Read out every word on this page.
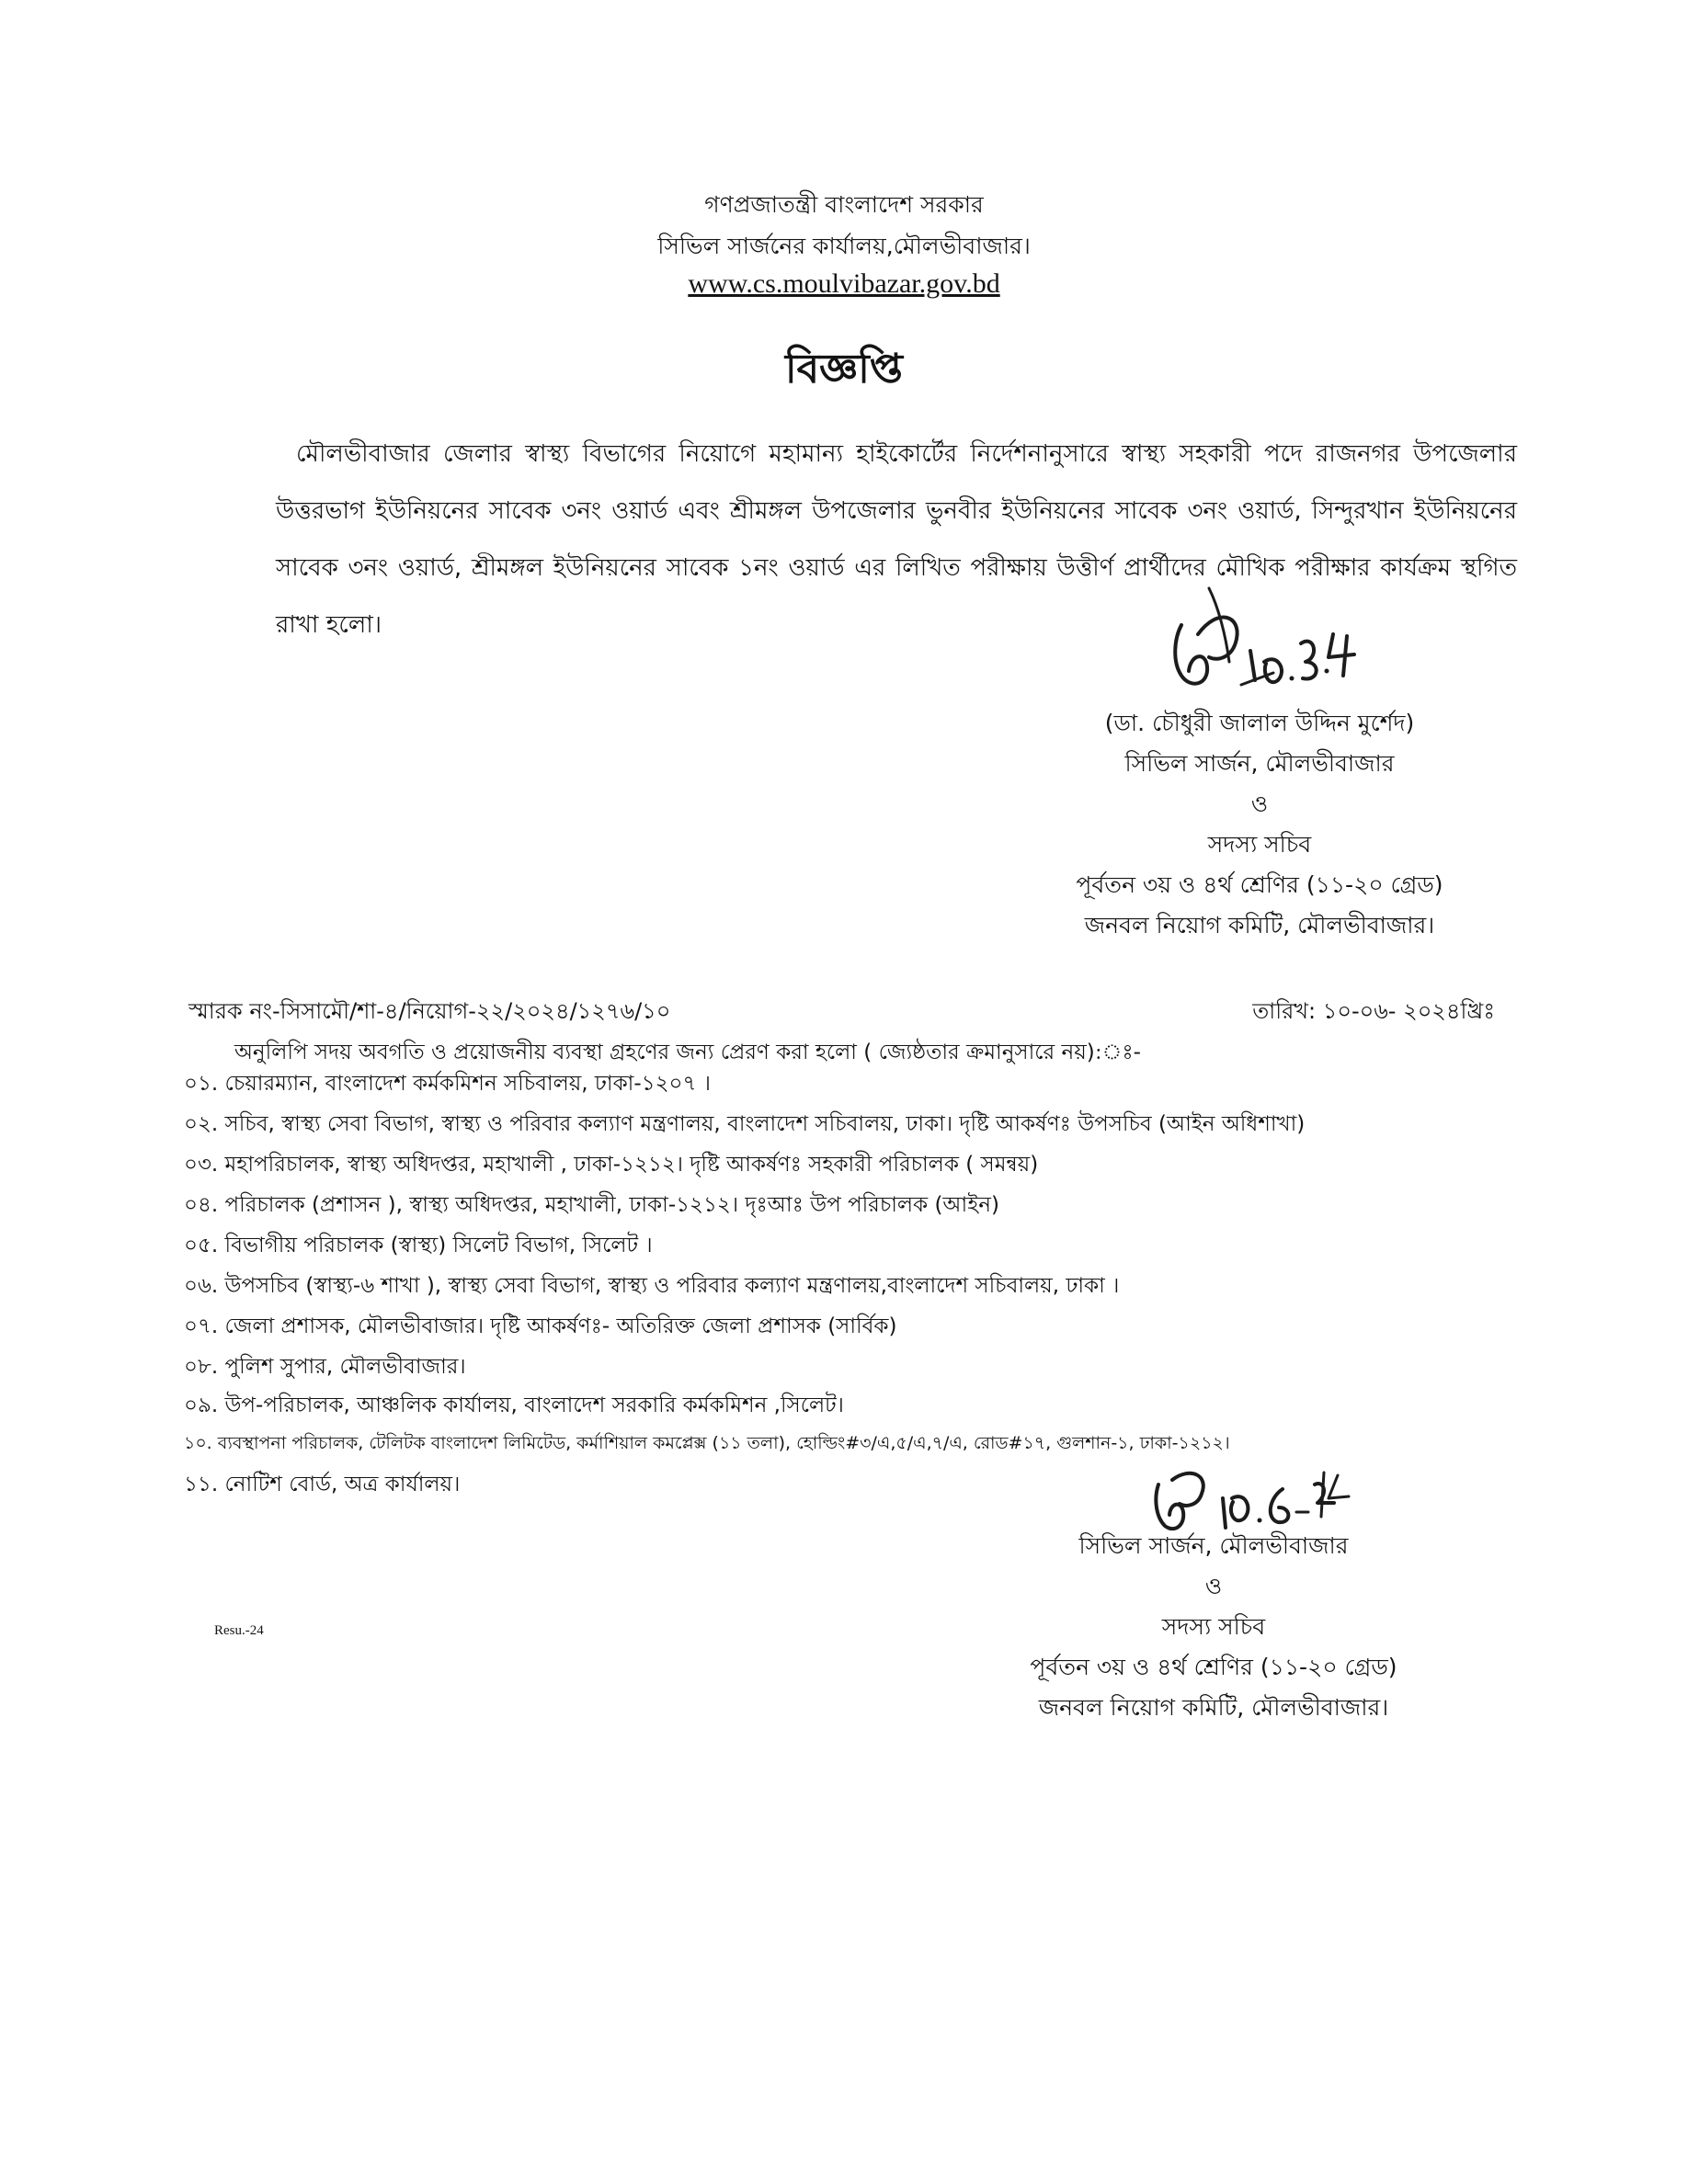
গণপ্রজাতন্ত্রী বাংলাদেশ সরকার
সিভিল সার্জনের কার্যালয়,মৌলভীবাজার।
www.cs.moulvibazar.gov.bd
বিজ্ঞপ্তি
মৌলভীবাজার জেলার স্বাস্থ্য বিভাগের নিয়োগে মহামান্য হাইকোর্টের নির্দেশনানুসারে স্বাস্থ্য সহকারী পদে রাজনগর উপজেলার উত্তরভাগ ইউনিয়নের সাবেক ৩নং ওয়ার্ড এবং শ্রীমঙ্গল উপজেলার ভুনবীর ইউনিয়নের সাবেক ৩নং ওয়ার্ড, সিন্দুরখান ইউনিয়নের সাবেক ৩নং ওয়ার্ড, শ্রীমঙ্গল ইউনিয়নের সাবেক ১নং ওয়ার্ড এর লিখিত পরীক্ষায় উত্তীর্ণ প্রার্থীদের মৌখিক পরীক্ষার কার্যক্রম স্থগিত রাখা হলো।
(ডা. চৌধুরী জালাল উদ্দিন মুর্শেদ)
সিভিল সার্জন, মৌলভীবাজার
ও
সদস্য সচিব
পূর্বতন ৩য় ও ৪র্থ শ্রেণির (১১-২০ গ্রেড)
জনবল নিয়োগ কমিটি, মৌলভীবাজার।
স্মারক নং-সিসামৌ/শা-৪/নিয়োগ-২২/২০২৪/১২৭৬/১০	তারিখ: ১০-০৬- ২০২৪খ্রিঃ
অনুলিপি সদয় অবগতি ও প্রয়োজনীয় ব্যবস্থা গ্রহণের জন্য প্রেরণ করা হলো ( জ্যেষ্ঠতার ক্রমানুসারে নয়):ঃ-
০১. চেয়ারম্যান, বাংলাদেশ কর্মকমিশন সচিবালয়, ঢাকা-১২০৭ ।
০২. সচিব, স্বাস্থ্য সেবা বিভাগ, স্বাস্থ্য ও পরিবার কল্যাণ মন্ত্রণালয়, বাংলাদেশ সচিবালয়, ঢাকা। দৃষ্টি আকর্ষণঃ উপসচিব (আইন অধিশাখা)
০৩. মহাপরিচালক, স্বাস্থ্য অধিদপ্তর, মহাখালী , ঢাকা-১২১২। দৃষ্টি আকর্ষণঃ সহকারী পরিচালক ( সমন্বয়)
০৪. পরিচালক (প্রশাসন ), স্বাস্থ্য অধিদপ্তর, মহাখালী, ঢাকা-১২১২। দৃঃআঃ উপ পরিচালক (আইন)
০৫. বিভাগীয় পরিচালক (স্বাস্থ্য) সিলেট বিভাগ, সিলেট ।
০৬. উপসচিব (স্বাস্থ্য-৬ শাখা ), স্বাস্থ্য সেবা বিভাগ, স্বাস্থ্য ও পরিবার কল্যাণ মন্ত্রণালয়,বাংলাদেশ সচিবালয়, ঢাকা ।
০৭. জেলা প্রশাসক, মৌলভীবাজার। দৃষ্টি আকর্ষণঃ- অতিরিক্ত জেলা প্রশাসক (সার্বিক)
০৮. পুলিশ সুপার, মৌলভীবাজার।
০৯. উপ-পরিচালক, আঞ্চলিক কার্যালয়, বাংলাদেশ সরকারি কর্মকমিশন ,সিলেট।
১০. ব্যবস্থাপনা পরিচালক, টেলিটক বাংলাদেশ লিমিটেড, কর্মাশিয়াল কমপ্লেক্স (১১ তলা), হোল্ডিং#৩/এ,৫/এ,৭/এ, রোড#১৭, গুলশান-১, ঢাকা-১২১২।
১১. নোটিশ বোর্ড, অত্র কার্যালয়।
সিভিল সার্জন, মৌলভীবাজার
ও
সদস্য সচিব
পূর্বতন ৩য় ও ৪র্থ শ্রেণির (১১-২০ গ্রেড)
জনবল নিয়োগ কমিটি, মৌলভীবাজার।
Resu.-24
